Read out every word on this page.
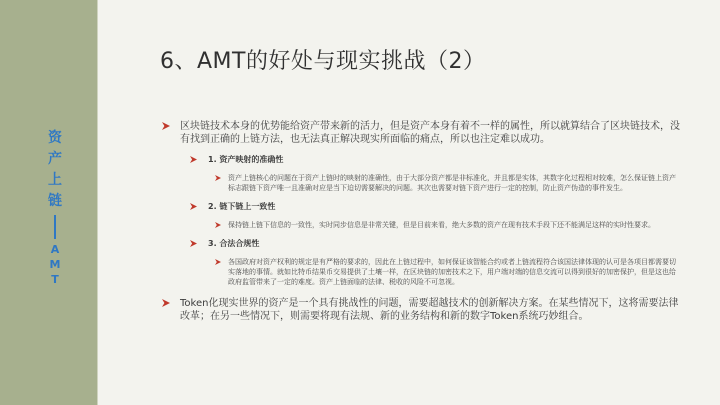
资
产
上
链
A
M
T
6、AMT的好处与现实挑战（2）
区块链技术本身的优势能给资产带来新的活力，但是资产本身有着不一样的属性，所以就算结合了区块链技术，没有找到正确的上链方法，也无法真正解决现实所面临的痛点，所以也注定难以成功。
1. 资产映射的准确性
资产上链核心的问题在于资产上链时的映射的准确性，由于大部分资产都是非标准化，并且都是实体，其数字化过程相对较难，怎么保证链上资产标志跟链下资产唯一且准确对应是当下迫切需要解决的问题。其次也需要对链下资产进行一定的控制，防止资产伪造的事件发生。
2. 链下链上一致性
保持链上链下信息的一致性，实时同步信息是非常关键，但是目前来看，绝大多数的资产在现有技术手段下还不能满足这样的实时性要求。
3. 合法合规性
各国政府对资产权利的规定是有严格的要求的，因此在上链过程中，如何保证该智能合约或者上链流程符合该国法律体现的认可是各项目都需要切实落地的事情。就如比特币结果币交易提供了土壤一样，在区块链的加密技术之下，用户端对端的信息交流可以得到很好的加密保护，但是这也给政府监管带来了一定的难度。资产上链面临的法律、税收的风险不可忽视。
Token化现实世界的资产是一个具有挑战性的问题，需要超越技术的创新解决方案。在某些情况下，这将需要法律改革；在另一些情况下，则需要将现有法规、新的业务结构和新的数字Token系统巧妙组合。
